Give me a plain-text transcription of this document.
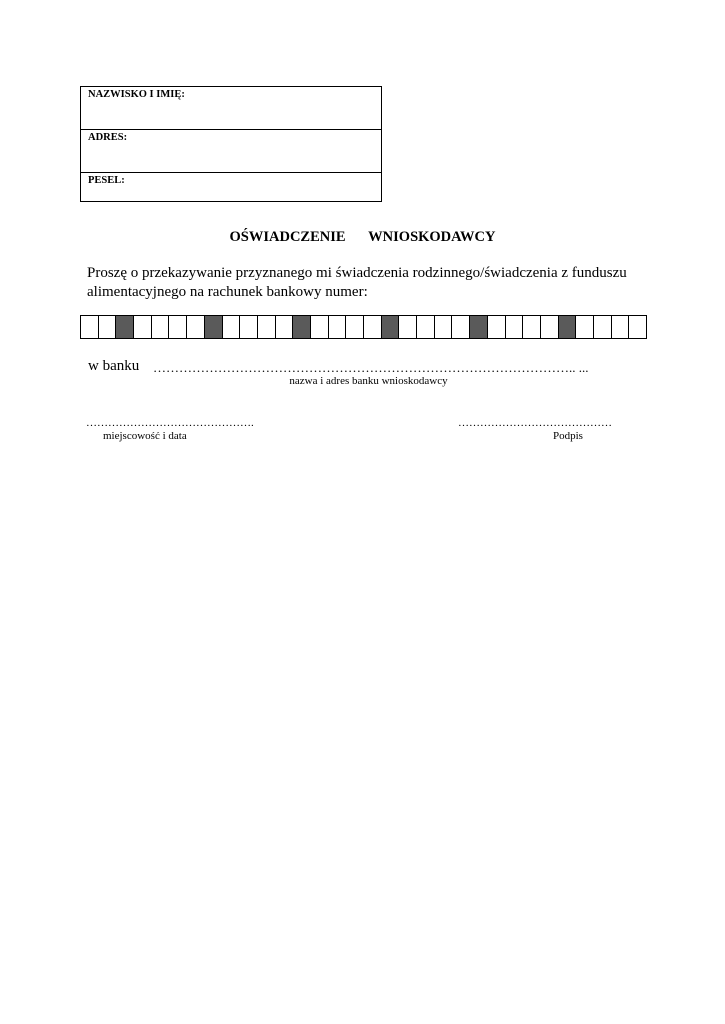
NAZWISKO I IMIĘ:
ADRES:
PESEL:
OŚWIADCZENIE   WNIOSKODAWCY
Proszę o przekazywanie przyznanego mi świadczenia rodzinnego/świadczenia z funduszu alimentacyjnego na rachunek bankowy numer:
w banku …………………………………………………………………………………….. ...
nazwa i adres banku wnioskodawcy
……………………………………….
miejscowość i data
……………………………………
Podpis
